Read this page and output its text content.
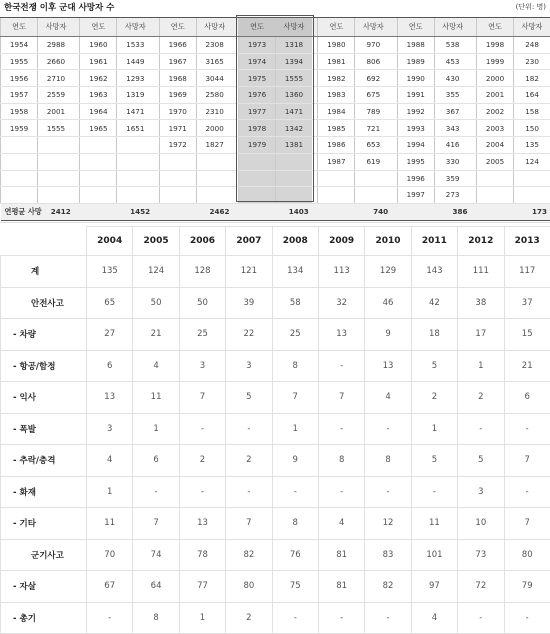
한국전쟁 이후 군대 사망자 수	(단위: 명)
연도	사망자		연도	사망자		연도	사망자		연도	사망자		연도	사망자		연도	사망자		연도	사망자
1954	2988		1960	1533		1966	2308		1973	1318		1980	970		1988	538		1998	248
1955	2660		1961	1449		1967	3165		1974	1394		1981	806		1989	453		1999	230
1956	2710		1962	1293		1968	3044		1975	1555		1982	692		1990	430		2000	182
1957	2559		1963	1319		1969	2580		1976	1360		1983	675		1991	355		2001	164
1958	2001		1964	1471		1970	2310		1977	1471		1984	789		1992	367		2002	158
1959	1555		1965	1651		1971	2000		1978	1342		1985	721		1993	343		2003	150
						1972	1827		1979	1381		1986	653		1994	416		2004	135
												1987	619		1995	330		2005	124
															1996	359			
															1997	273			
연평균 사망	2412			1452			2462			1403			740			386			173
	2004	2005	2006	2007	2008	2009	2010	2011	2012	2013
계	135	124	128	121	134	113	129	143	111	117
안전사고	65	50	50	39	58	32	46	42	38	37
- 차량	27	21	25	22	25	13	9	18	17	15
- 항공/함정	6	4	3	3	8	-	13	5	1	21
- 익사	13	11	7	5	7	7	4	2	2	6
- 폭발	3	1	-	-	1	-	-	1	-	-
- 추락/충격	4	6	2	2	9	8	8	5	5	7
- 화재	1	-	-	-	-	-	-	-	3	-
- 기타	11	7	13	7	8	4	12	11	10	7
군기사고	70	74	78	82	76	81	83	101	73	80
- 자살	67	64	77	80	75	81	82	97	72	79
- 총기	-	8	1	2	-	-	-	4	-	-
